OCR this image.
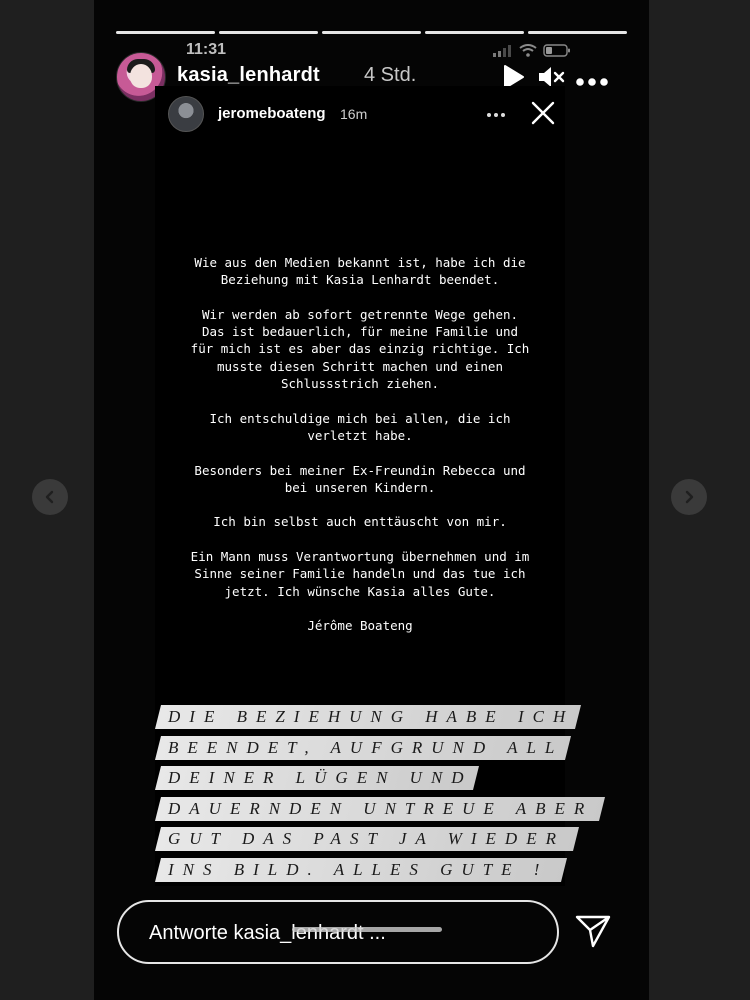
11:31
kasia_lenhardt 4 Std.
jeromeboateng 16m

Wie aus den Medien bekannt ist, habe ich die
Beziehung mit Kasia Lenhardt beendet.

Wir werden ab sofort getrennte Wege gehen.
Das ist bedauerlich, für meine Familie und
für mich ist es aber das einzig richtige. Ich
musste diesen Schritt machen und einen
Schlussstrich ziehen.

Ich entschuldige mich bei allen, die ich
verletzt habe.

Besonders bei meiner Ex-Freundin Rebecca und
bei unseren Kindern.

Ich bin selbst auch enttäuscht von mir.

Ein Mann muss Verantwortung übernehmen und im
Sinne seiner Familie handeln und das tue ich
jetzt. Ich wünsche Kasia alles Gute.

Jérôme Boateng

DIE BEZIEHUNG HABE ICH
BEENDET, AUFGRUND ALL
DEINER LÜGEN UND
DAUERNDEN UNTREUE ABER
GUT DAS PAST JA WIEDER
INS BILD. ALLES GUTE !
Antworte kasia_lenhardt ...
